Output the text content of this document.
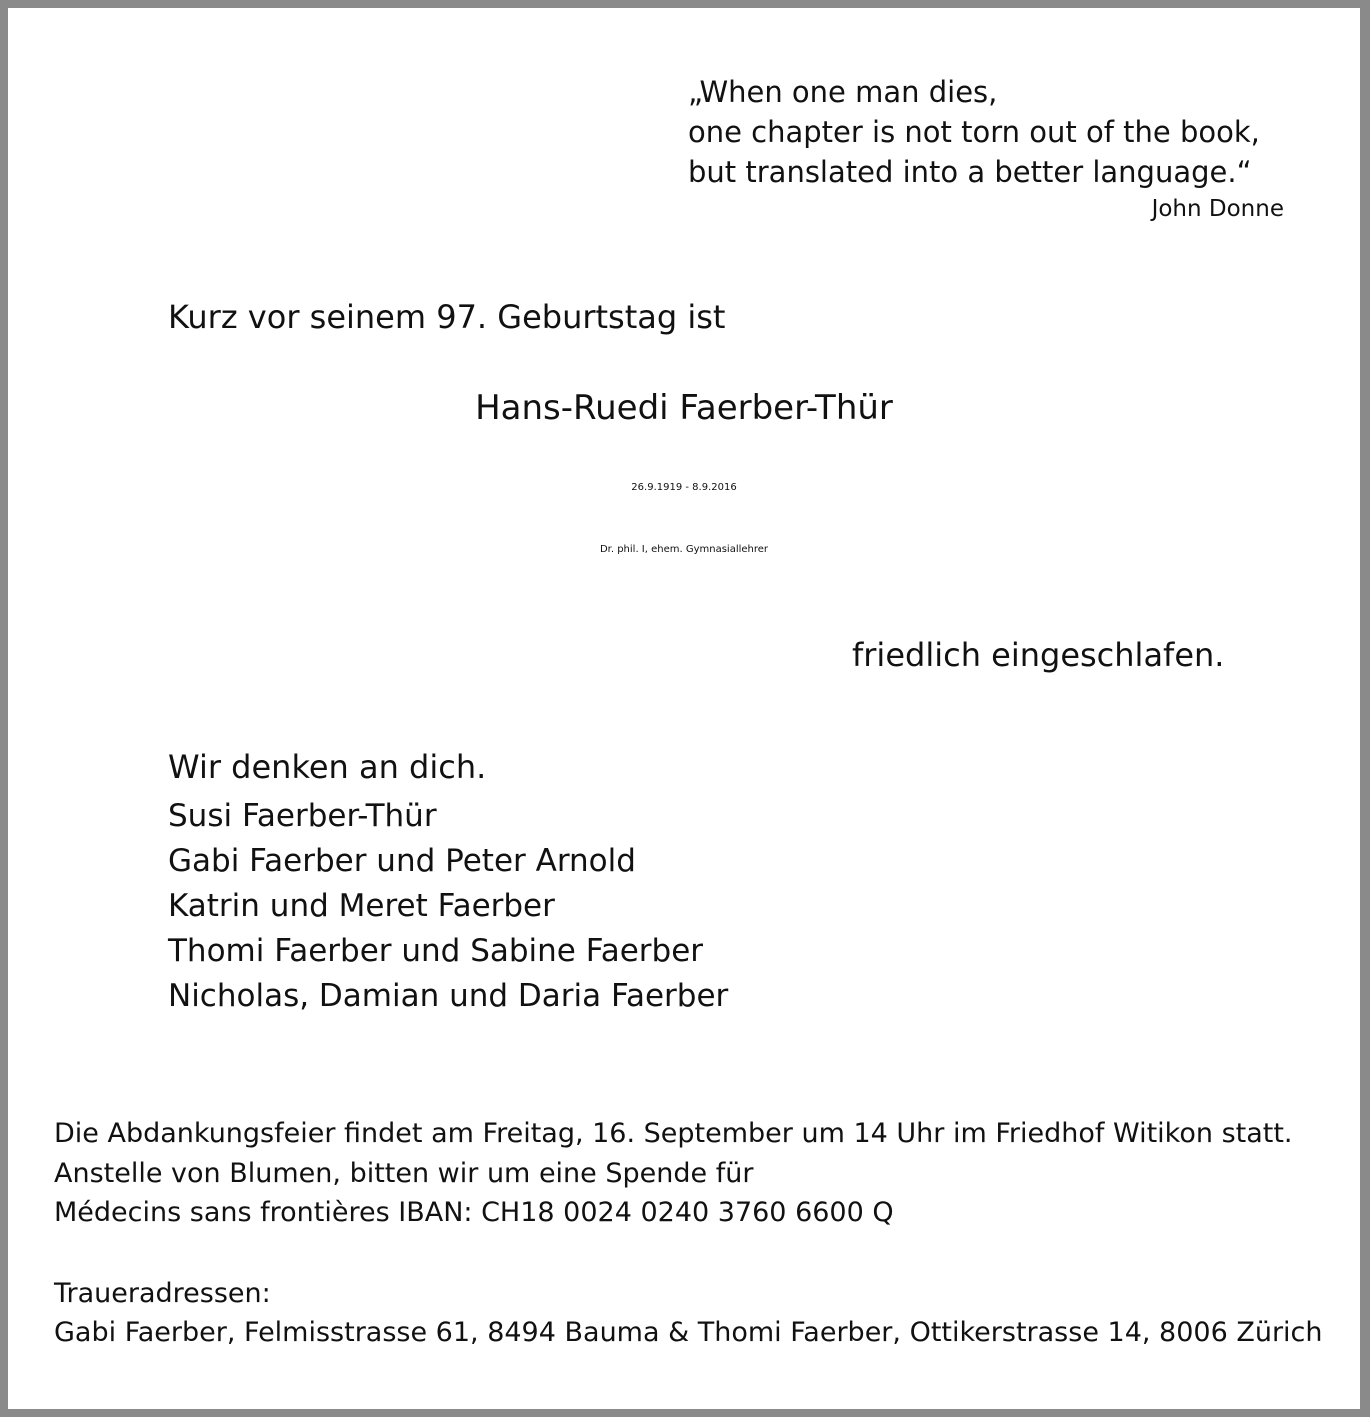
„When one man dies,

one chapter is not torn out of the book,

but translated into a better language.“

John Donne

Kurz vor seinem 97. Geburtstag ist

Hans-Ruedi Faerber-Thür

26.9.1919 - 8.9.2016

Dr. phil. I, ehem. Gymnasiallehrer

friedlich eingeschlafen.

Wir denken an dich.

Susi Faerber-Thür

Gabi Faerber und Peter Arnold

Katrin und Meret Faerber

Thomi Faerber und Sabine Faerber

Nicholas, Damian und Daria Faerber

Die Abdankungsfeier findet am Freitag, 16. September um 14 Uhr im Friedhof Witikon statt.

Anstelle von Blumen, bitten wir um eine Spende für

Médecins sans frontières IBAN: CH18 0024 0240 3760 6600 Q

Traueradressen:

Gabi Faerber, Felmisstrasse 61, 8494 Bauma & Thomi Faerber, Ottikerstrasse 14, 8006 Zürich
